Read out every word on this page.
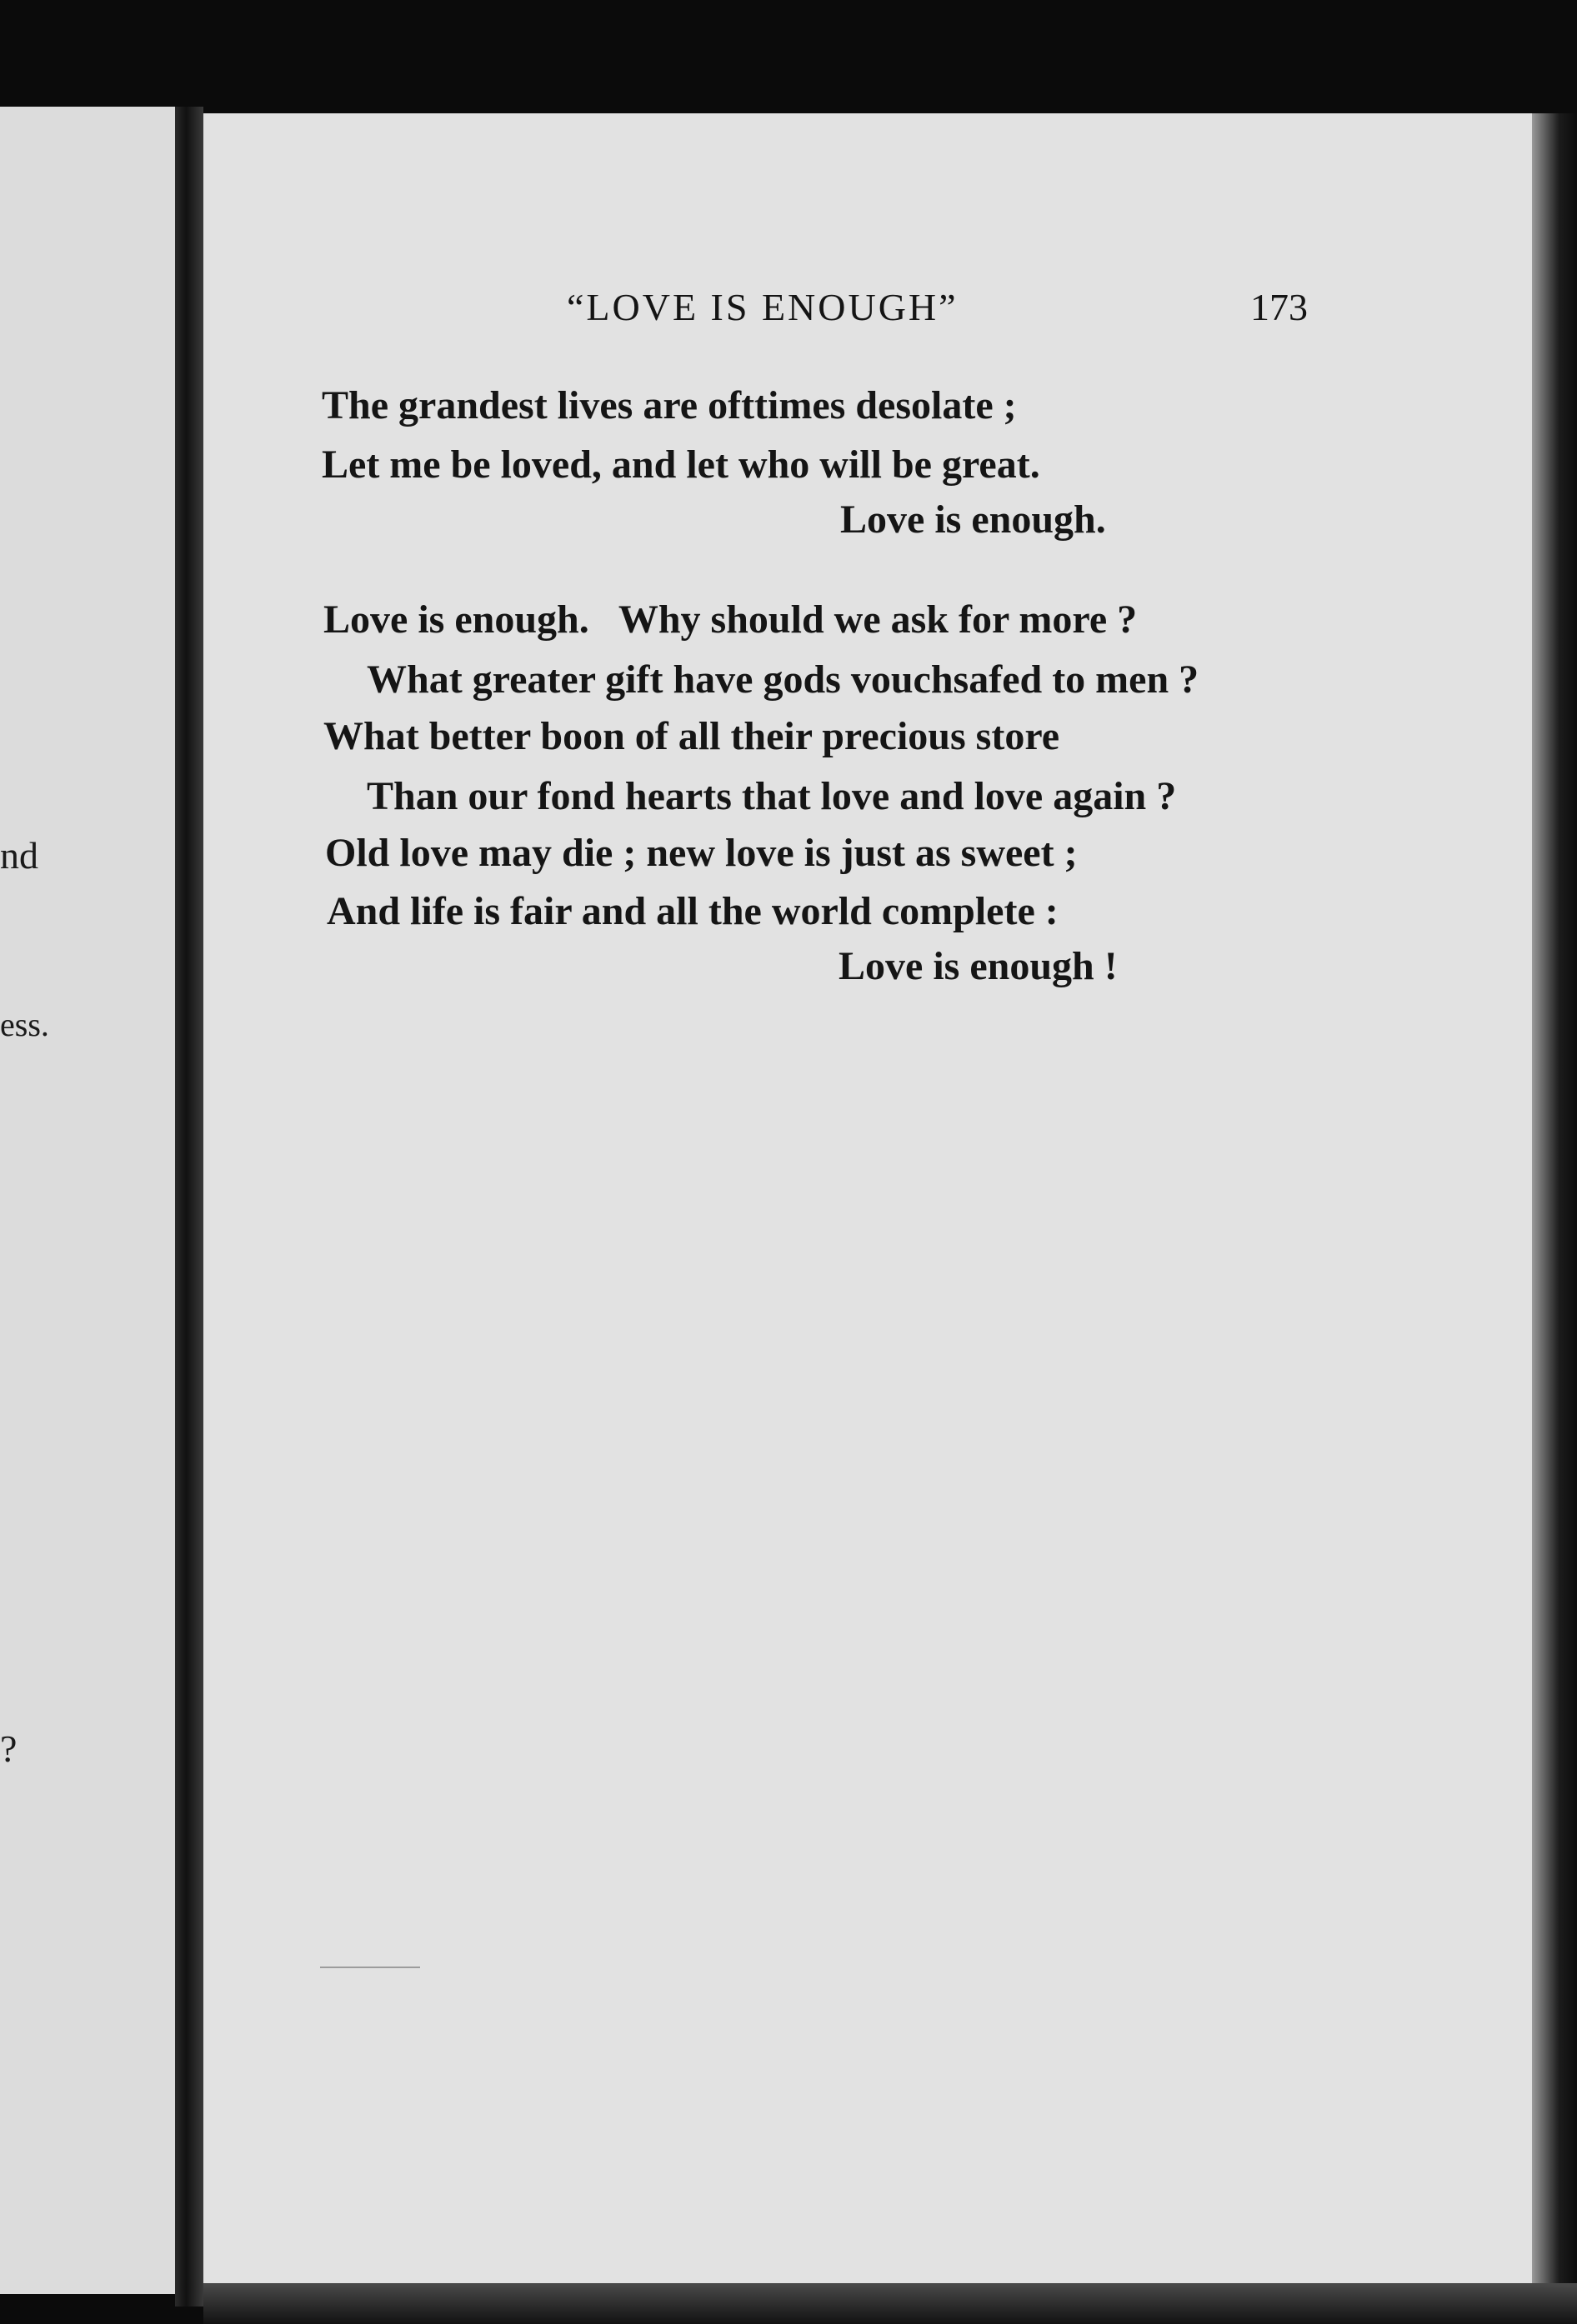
nd
ess.
?
“LOVE IS ENOUGH”	173
The grandest lives are ofttimes desolate ;
Let me be loved, and let who will be great.
Love is enough.
Love is enough.   Why should we ask for more ?
What greater gift have gods vouchsafed to men ?
What better boon of all their precious store
Than our fond hearts that love and love again ?
Old love may die ; new love is just as sweet ;
And life is fair and all the world complete :
Love is enough !
